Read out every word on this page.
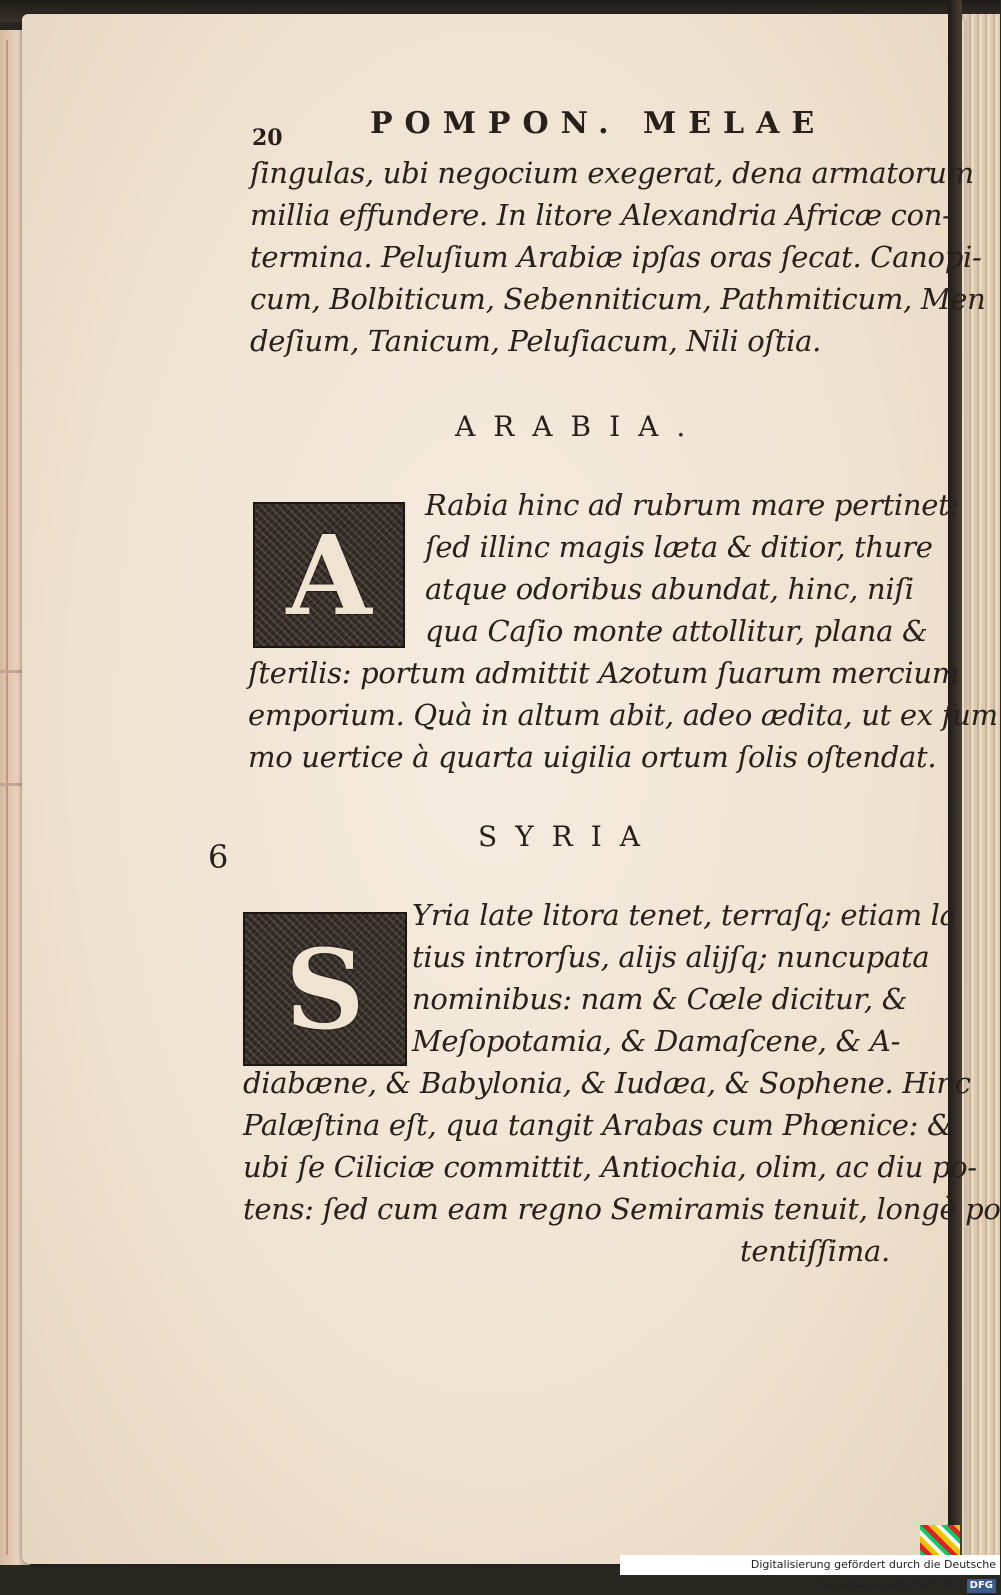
20	POMPON. MELAE
ſingulas, ubi negocium exegerat, dena armatorum
millia effundere. In litore Alexandria Africæ con-
termina. Peluſium Arabiæ ipſas oras ſecat. Canopi-
cum, Bolbiticum, Sebenniticum, Pathmiticum, Men
deſium, Tanicum, Peluſiacum, Nili oſtia.
ARABIA.
A
Rabia hinc ad rubrum mare pertinet:
ſed illinc magis læta & ditior, thure
atque odoribus abundat, hinc, niſi
qua Caſio monte attollitur, plana &
ſterilis: portum admittit Azotum ſuarum mercium
emporium. Quà in altum abit, adeo ædita, ut ex ſum
mo uertice à quarta uigilia ortum ſolis oſtendat.
6
SYRIA
S
Yria late litora tenet, terraſq; etiam la
tius introrſus, alijs alijſq; nuncupata
nominibus: nam & Cœle dicitur, &
Meſopotamia, & Damaſcene, & A-
diabæne, & Babylonia, & Iudæa, & Sophene. Hinc
Palæſtina eſt, qua tangit Arabas cum Phœnice: &
ubi ſe Ciliciæ committit, Antiochia, olim, ac diu po-
tens: ſed cum eam regno Semiramis tenuit, longè po
tentiſſima.
Digitalisierung gefördert durch die Deutsche Forschungsgemeinschaft - DFG
